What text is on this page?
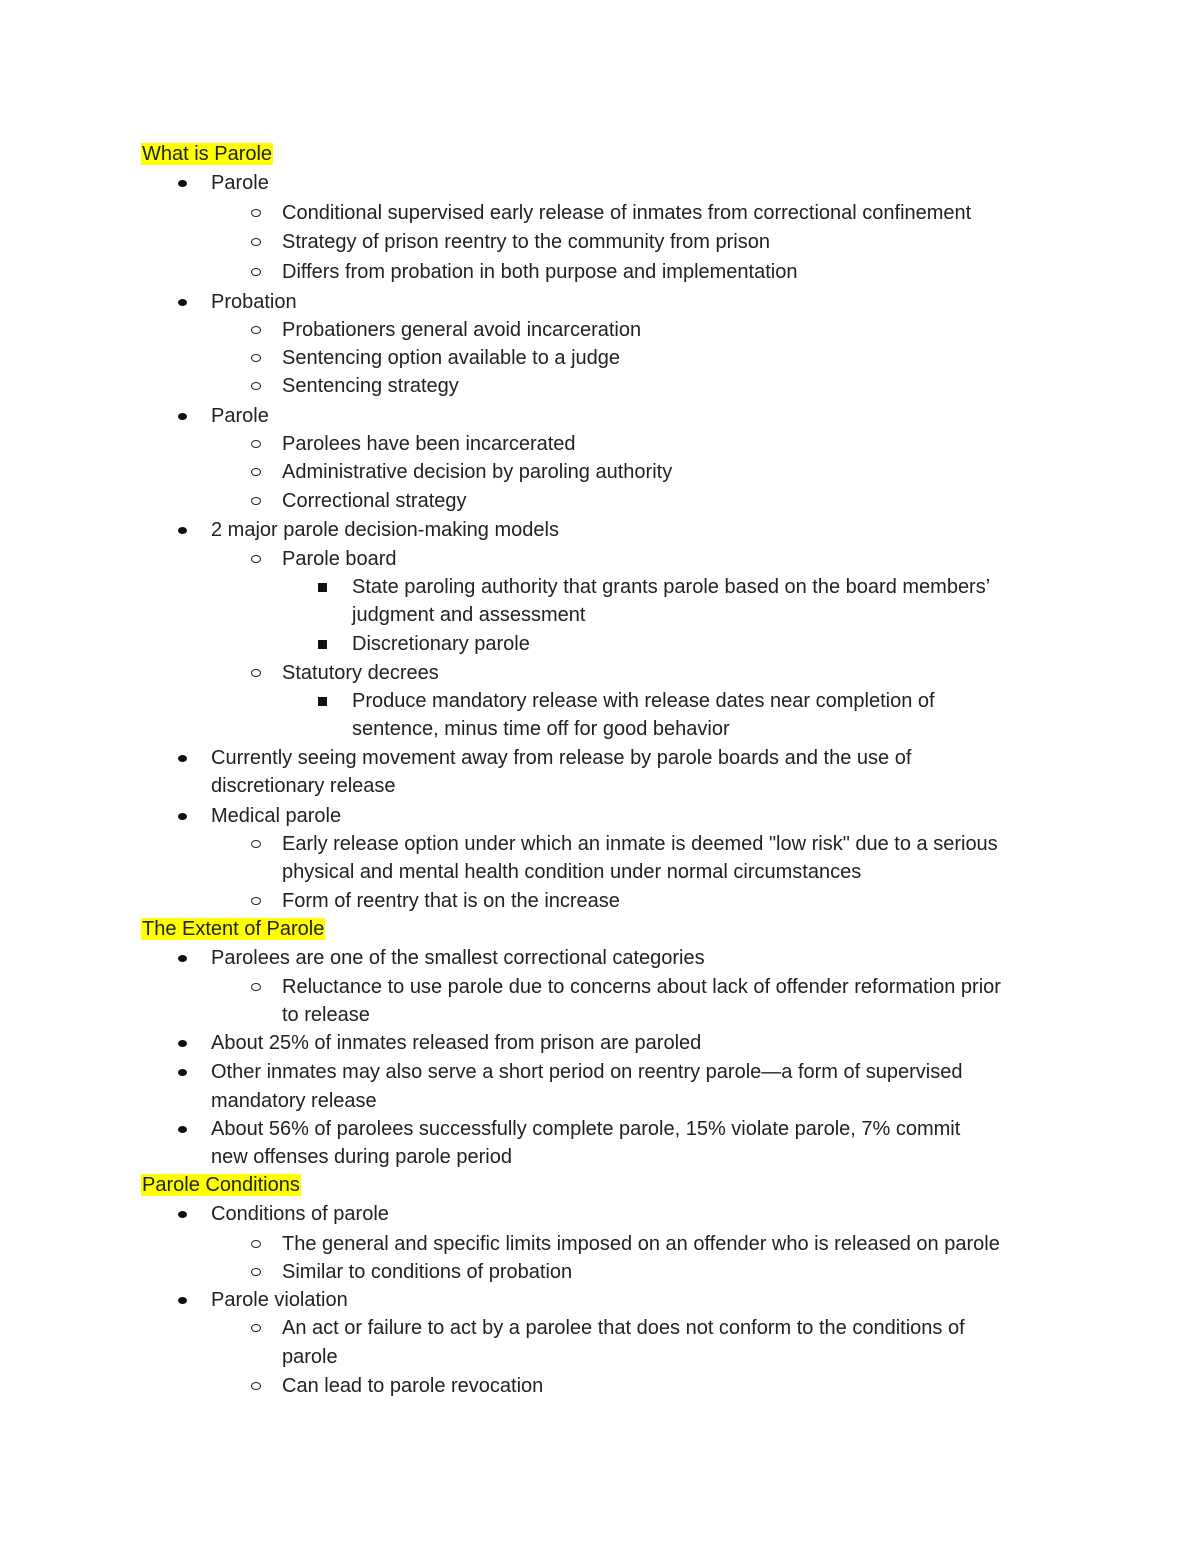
What is Parole
Parole
Conditional supervised early release of inmates from correctional confinement
Strategy of prison reentry to the community from prison
Differs from probation in both purpose and implementation
Probation
Probationers general avoid incarceration
Sentencing option available to a judge
Sentencing strategy
Parole
Parolees have been incarcerated
Administrative decision by paroling authority
Correctional strategy
2 major parole decision-making models
Parole board
State paroling authority that grants parole based on the board members’
judgment and assessment
Discretionary parole
Statutory decrees
Produce mandatory release with release dates near completion of
sentence, minus time off for good behavior
Currently seeing movement away from release by parole boards and the use of
discretionary release
Medical parole
Early release option under which an inmate is deemed "low risk" due to a serious
physical and mental health condition under normal circumstances
Form of reentry that is on the increase
The Extent of Parole
Parolees are one of the smallest correctional categories
Reluctance to use parole due to concerns about lack of offender reformation prior
to release
About 25% of inmates released from prison are paroled
Other inmates may also serve a short period on reentry parole—a form of supervised
mandatory release
About 56% of parolees successfully complete parole, 15% violate parole, 7% commit
new offenses during parole period
Parole Conditions
Conditions of parole
The general and specific limits imposed on an offender who is released on parole
Similar to conditions of probation
Parole violation
An act or failure to act by a parolee that does not conform to the conditions of
parole
Can lead to parole revocation
